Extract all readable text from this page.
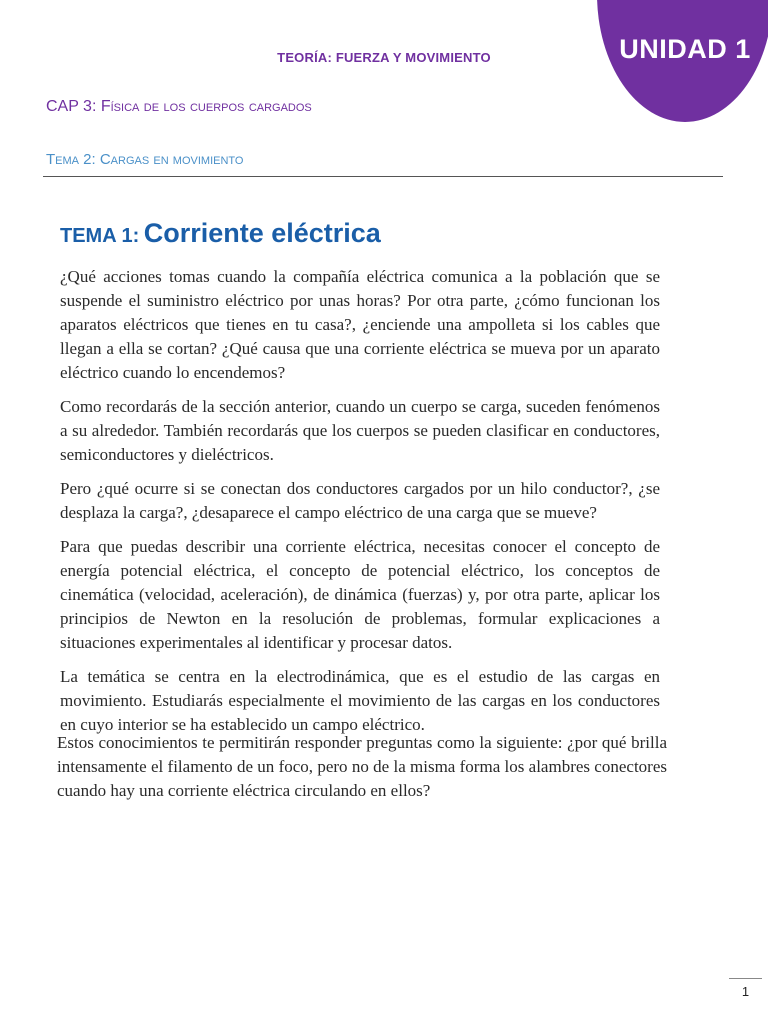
TEORÍA: FUERZA Y MOVIMIENTO	UNIDAD 1
CAP 3: Física de los cuerpos cargados
Tema 2: Cargas en movimiento
TEMA 1: Corriente eléctrica

¿Qué acciones tomas cuando la compañía eléctrica comunica a la población que se suspende el suministro eléctrico por unas horas? Por otra parte, ¿cómo funcionan los aparatos eléctricos que tienes en tu casa?, ¿enciende una ampolleta si los cables que llegan a ella se cortan? ¿Qué causa que una corriente eléctrica se mueva por un aparato eléctrico cuando lo encendemos?

Como recordarás de la sección anterior, cuando un cuerpo se carga, suceden fenómenos a su alrededor. También recordarás que los cuerpos se pueden clasificar en conductores, semiconductores y dieléctricos.

Pero ¿qué ocurre si se conectan dos conductores cargados por un hilo conductor?, ¿se desplaza la carga?, ¿desaparece el campo eléctrico de una carga que se mueve?

Para que puedas describir una corriente eléctrica, necesitas conocer el concepto de energía potencial eléctrica, el concepto de potencial eléctrico, los conceptos de cinemática (velocidad, aceleración), de dinámica (fuerzas) y, por otra parte, aplicar los principios de Newton en la resolución de problemas, formular explicaciones a situaciones experimentales al identificar y procesar datos.

La temática se centra en la electrodinámica, que es el estudio de las cargas en movimiento. Estudiarás especialmente el movimiento de las cargas en los conductores en cuyo interior se ha establecido un campo eléctrico.

Estos conocimientos te permitirán responder preguntas como la siguiente: ¿por qué brilla intensamente el filamento de un foco, pero no de la misma forma los alambres conectores cuando hay una corriente eléctrica circulando en ellos?
1
